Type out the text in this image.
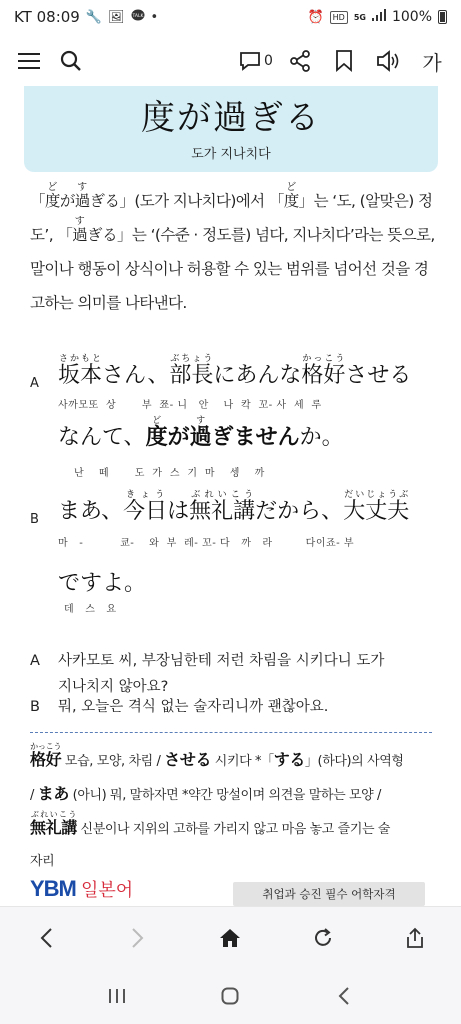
KT 08:09 🔧 🖼 TALK •	⏰	HD	5G 100%
0	가
度が過ぎる
도가 지나치다
「度どが過すぎる」(도가 지나치다)에서 「度ど」는 ‘도, (알맞은) 정도’, 「過すぎる」는 ‘(수준 · 정도를) 넘다, 지나치다’라는 뜻으로, 말이나 행동이 상식이나 허용할 수 있는 범위를 넘어선 것을 경고하는 의미를 나타낸다.
A 坂本さかもとさん、部長ぶちょうにあんな格好かっこうさせる
사까모또  상       부  쬬- 니   안    나  칵  꼬- 사  세  루
なんて、度どが過すぎませんか。
난    떼       도  가  스  기  마    셍    까
B まあ、今日きょうは無礼講ぶれいこうだから、大丈夫だいじょうぶ
마   -          쿄-    와  부  레- 꼬- 다   까   라         다이죠- 부
ですよ。
데   스   요
A 사카모토 씨, 부장님한테 저런 차림을 시키다니 도가
지나치지 않아요?
B 뭐, 오늘은 격식 없는 술자리니까 괜찮아요.
格好かっこう 모습, 모양, 차림 / させる 시키다 *「する」(하다)의 사역형
/ まあ (아니) 뭐, 말하자면 *약간 망설이며 의견을 말하는 모양 /
無礼講ぶれいこう 신분이나 지위의 고하를 가리지 않고 마음 놓고 즐기는 술
자리
YBM 일본어	취업과 승진 필수 어학자격
